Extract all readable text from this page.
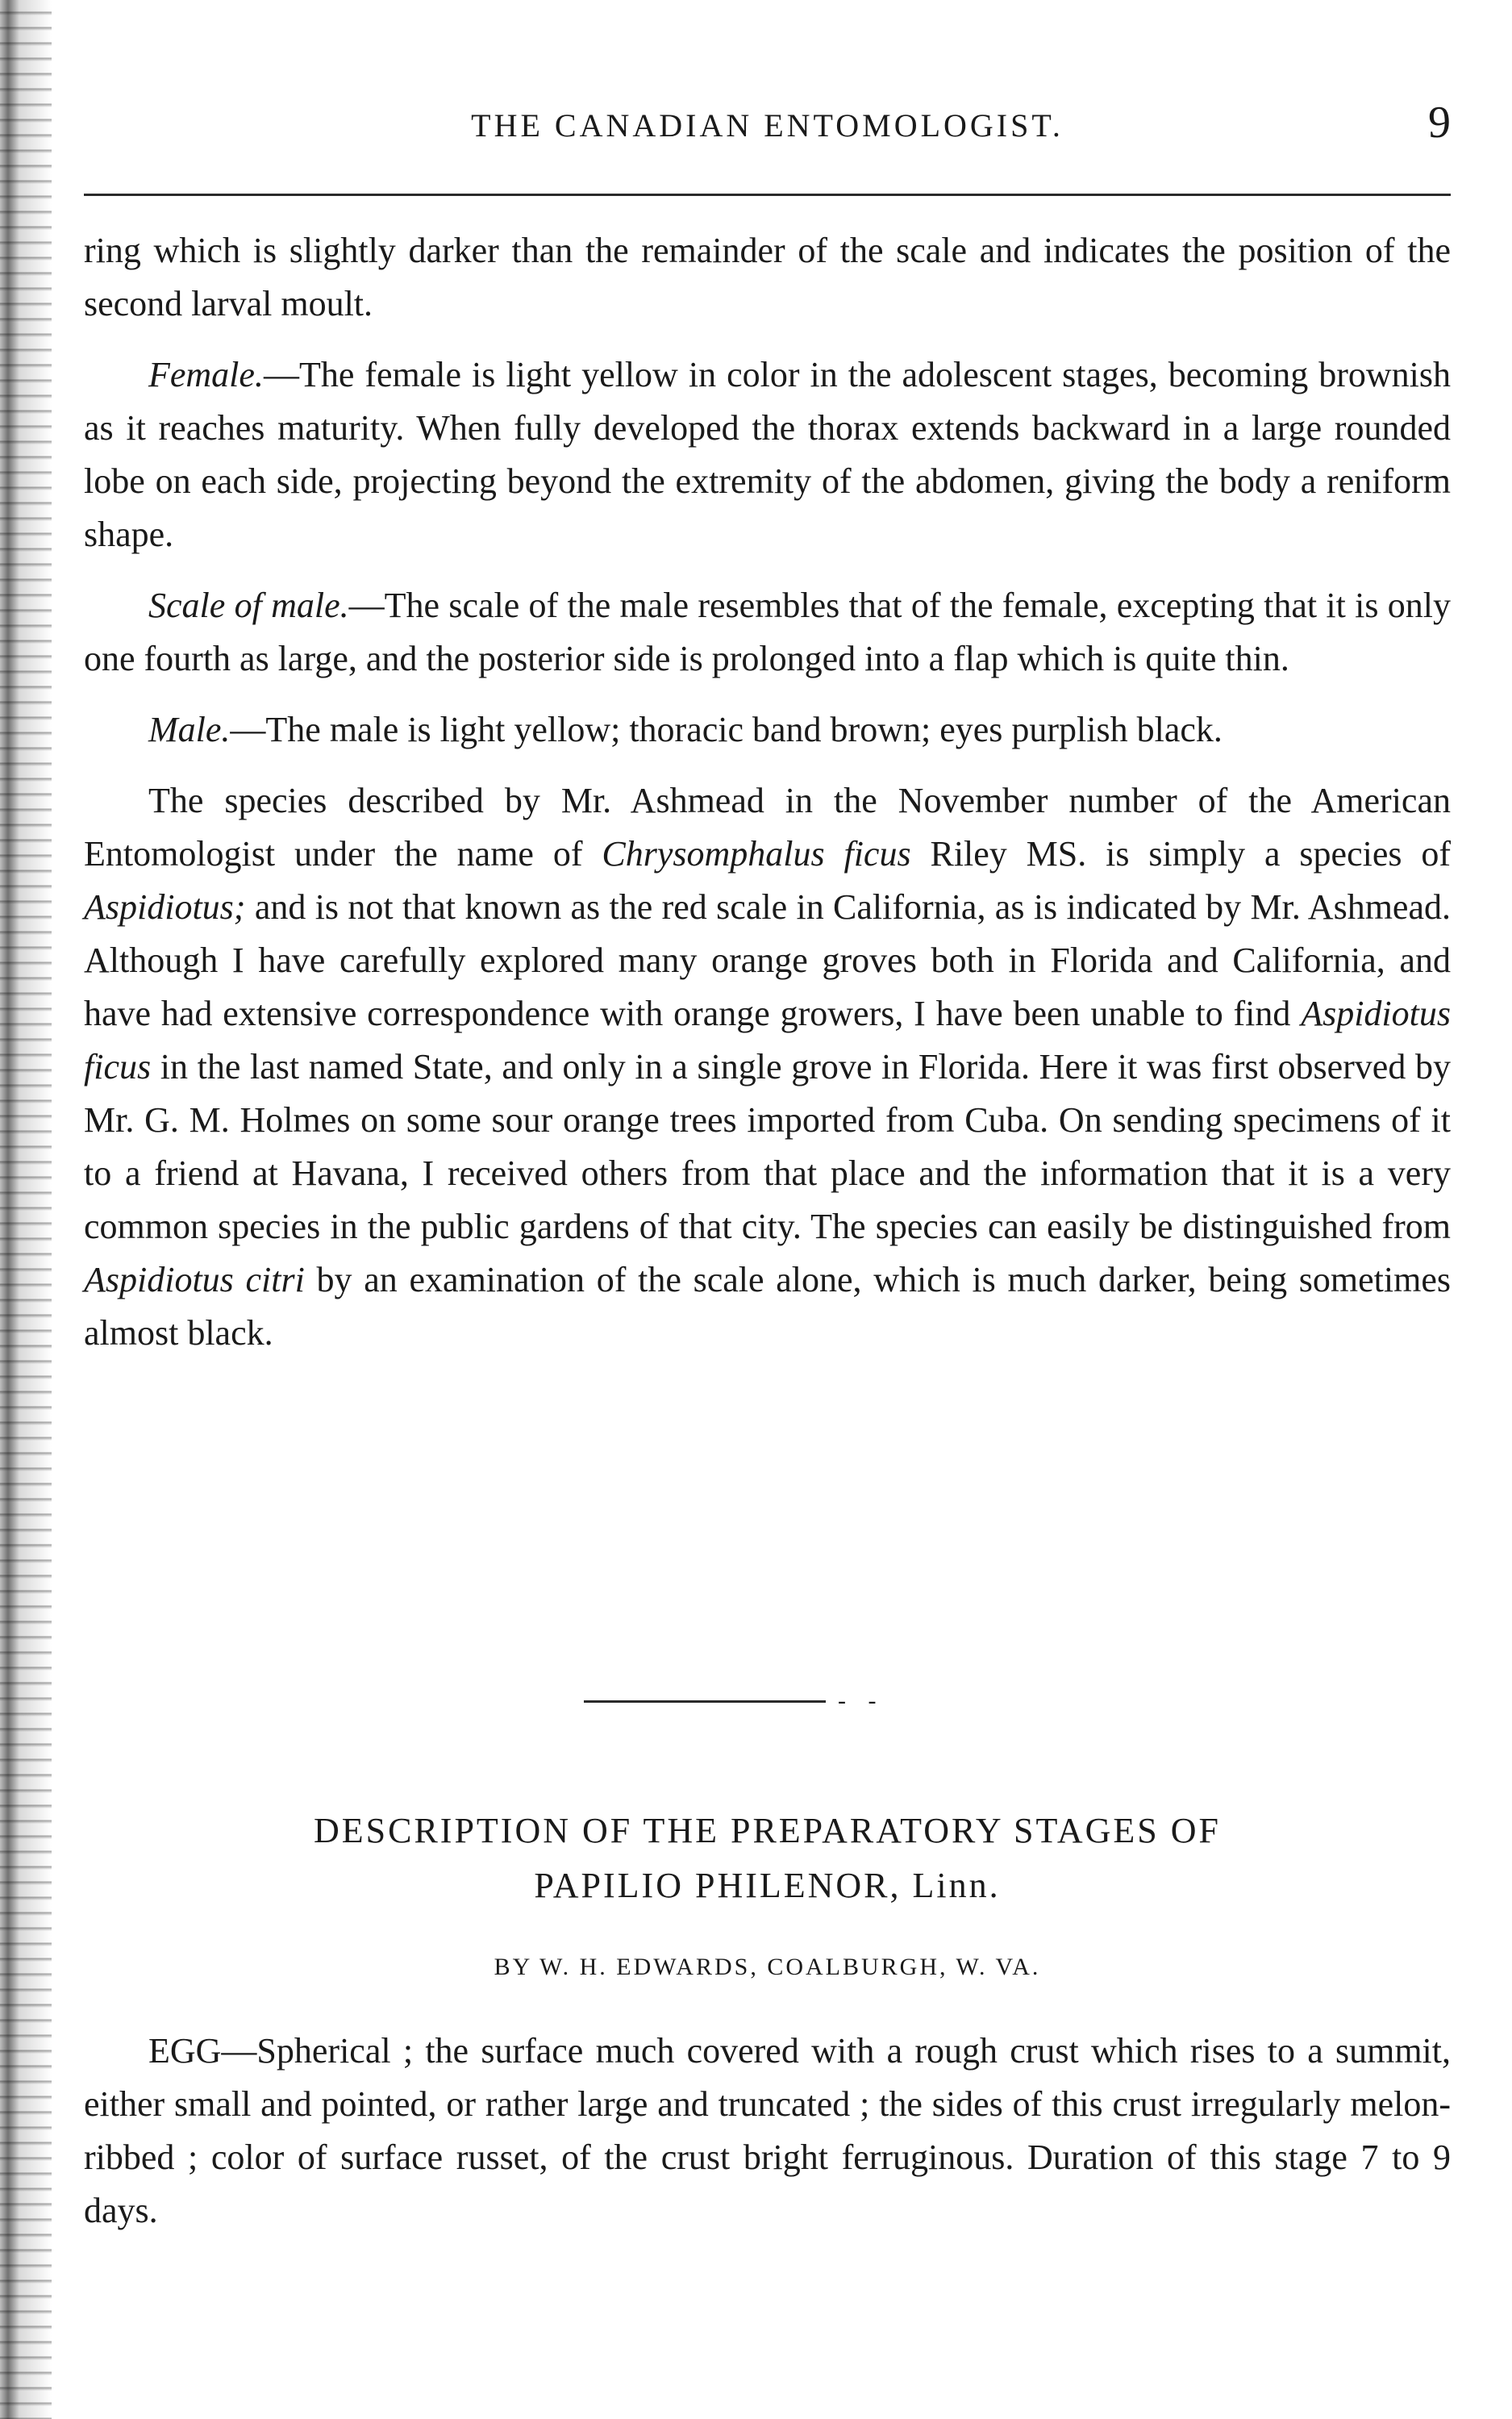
THE CANADIAN ENTOMOLOGIST.	9

ring which is slightly darker than the remainder of the scale and indicates the position of the second larval moult.

Female.—The female is light yellow in color in the adolescent stages, becoming brownish as it reaches maturity. When fully developed the thorax extends backward in a large rounded lobe on each side, projecting beyond the extremity of the abdomen, giving the body a reniform shape.

Scale of male.—The scale of the male resembles that of the female, excepting that it is only one fourth as large, and the posterior side is prolonged into a flap which is quite thin.

Male.—The male is light yellow; thoracic band brown; eyes purplish black.

The species described by Mr. Ashmead in the November number of the American Entomologist under the name of Chrysomphalus ficus Riley MS. is simply a species of Aspidiotus; and is not that known as the red scale in California, as is indicated by Mr. Ashmead. Although I have carefully explored many orange groves both in Florida and California, and have had extensive correspondence with orange growers, I have been unable to find Aspidiotus ficus in the last named State, and only in a single grove in Florida. Here it was first observed by Mr. G. M. Holmes on some sour orange trees imported from Cuba. On sending specimens of it to a friend at Havana, I received others from that place and the information that it is a very common species in the public gardens of that city. The species can easily be distinguished from Aspidiotus citri by an examination of the scale alone, which is much darker, being sometimes almost black.

- -
DESCRIPTION OF THE PREPARATORY STAGES OF
PAPILIO PHILENOR, Linn.
BY W. H. EDWARDS, COALBURGH, W. VA.

EGG—Spherical ; the surface much covered with a rough crust which rises to a summit, either small and pointed, or rather large and truncated ; the sides of this crust irregularly melon-ribbed ; color of surface russet, of the crust bright ferruginous. Duration of this stage 7 to 9 days.
